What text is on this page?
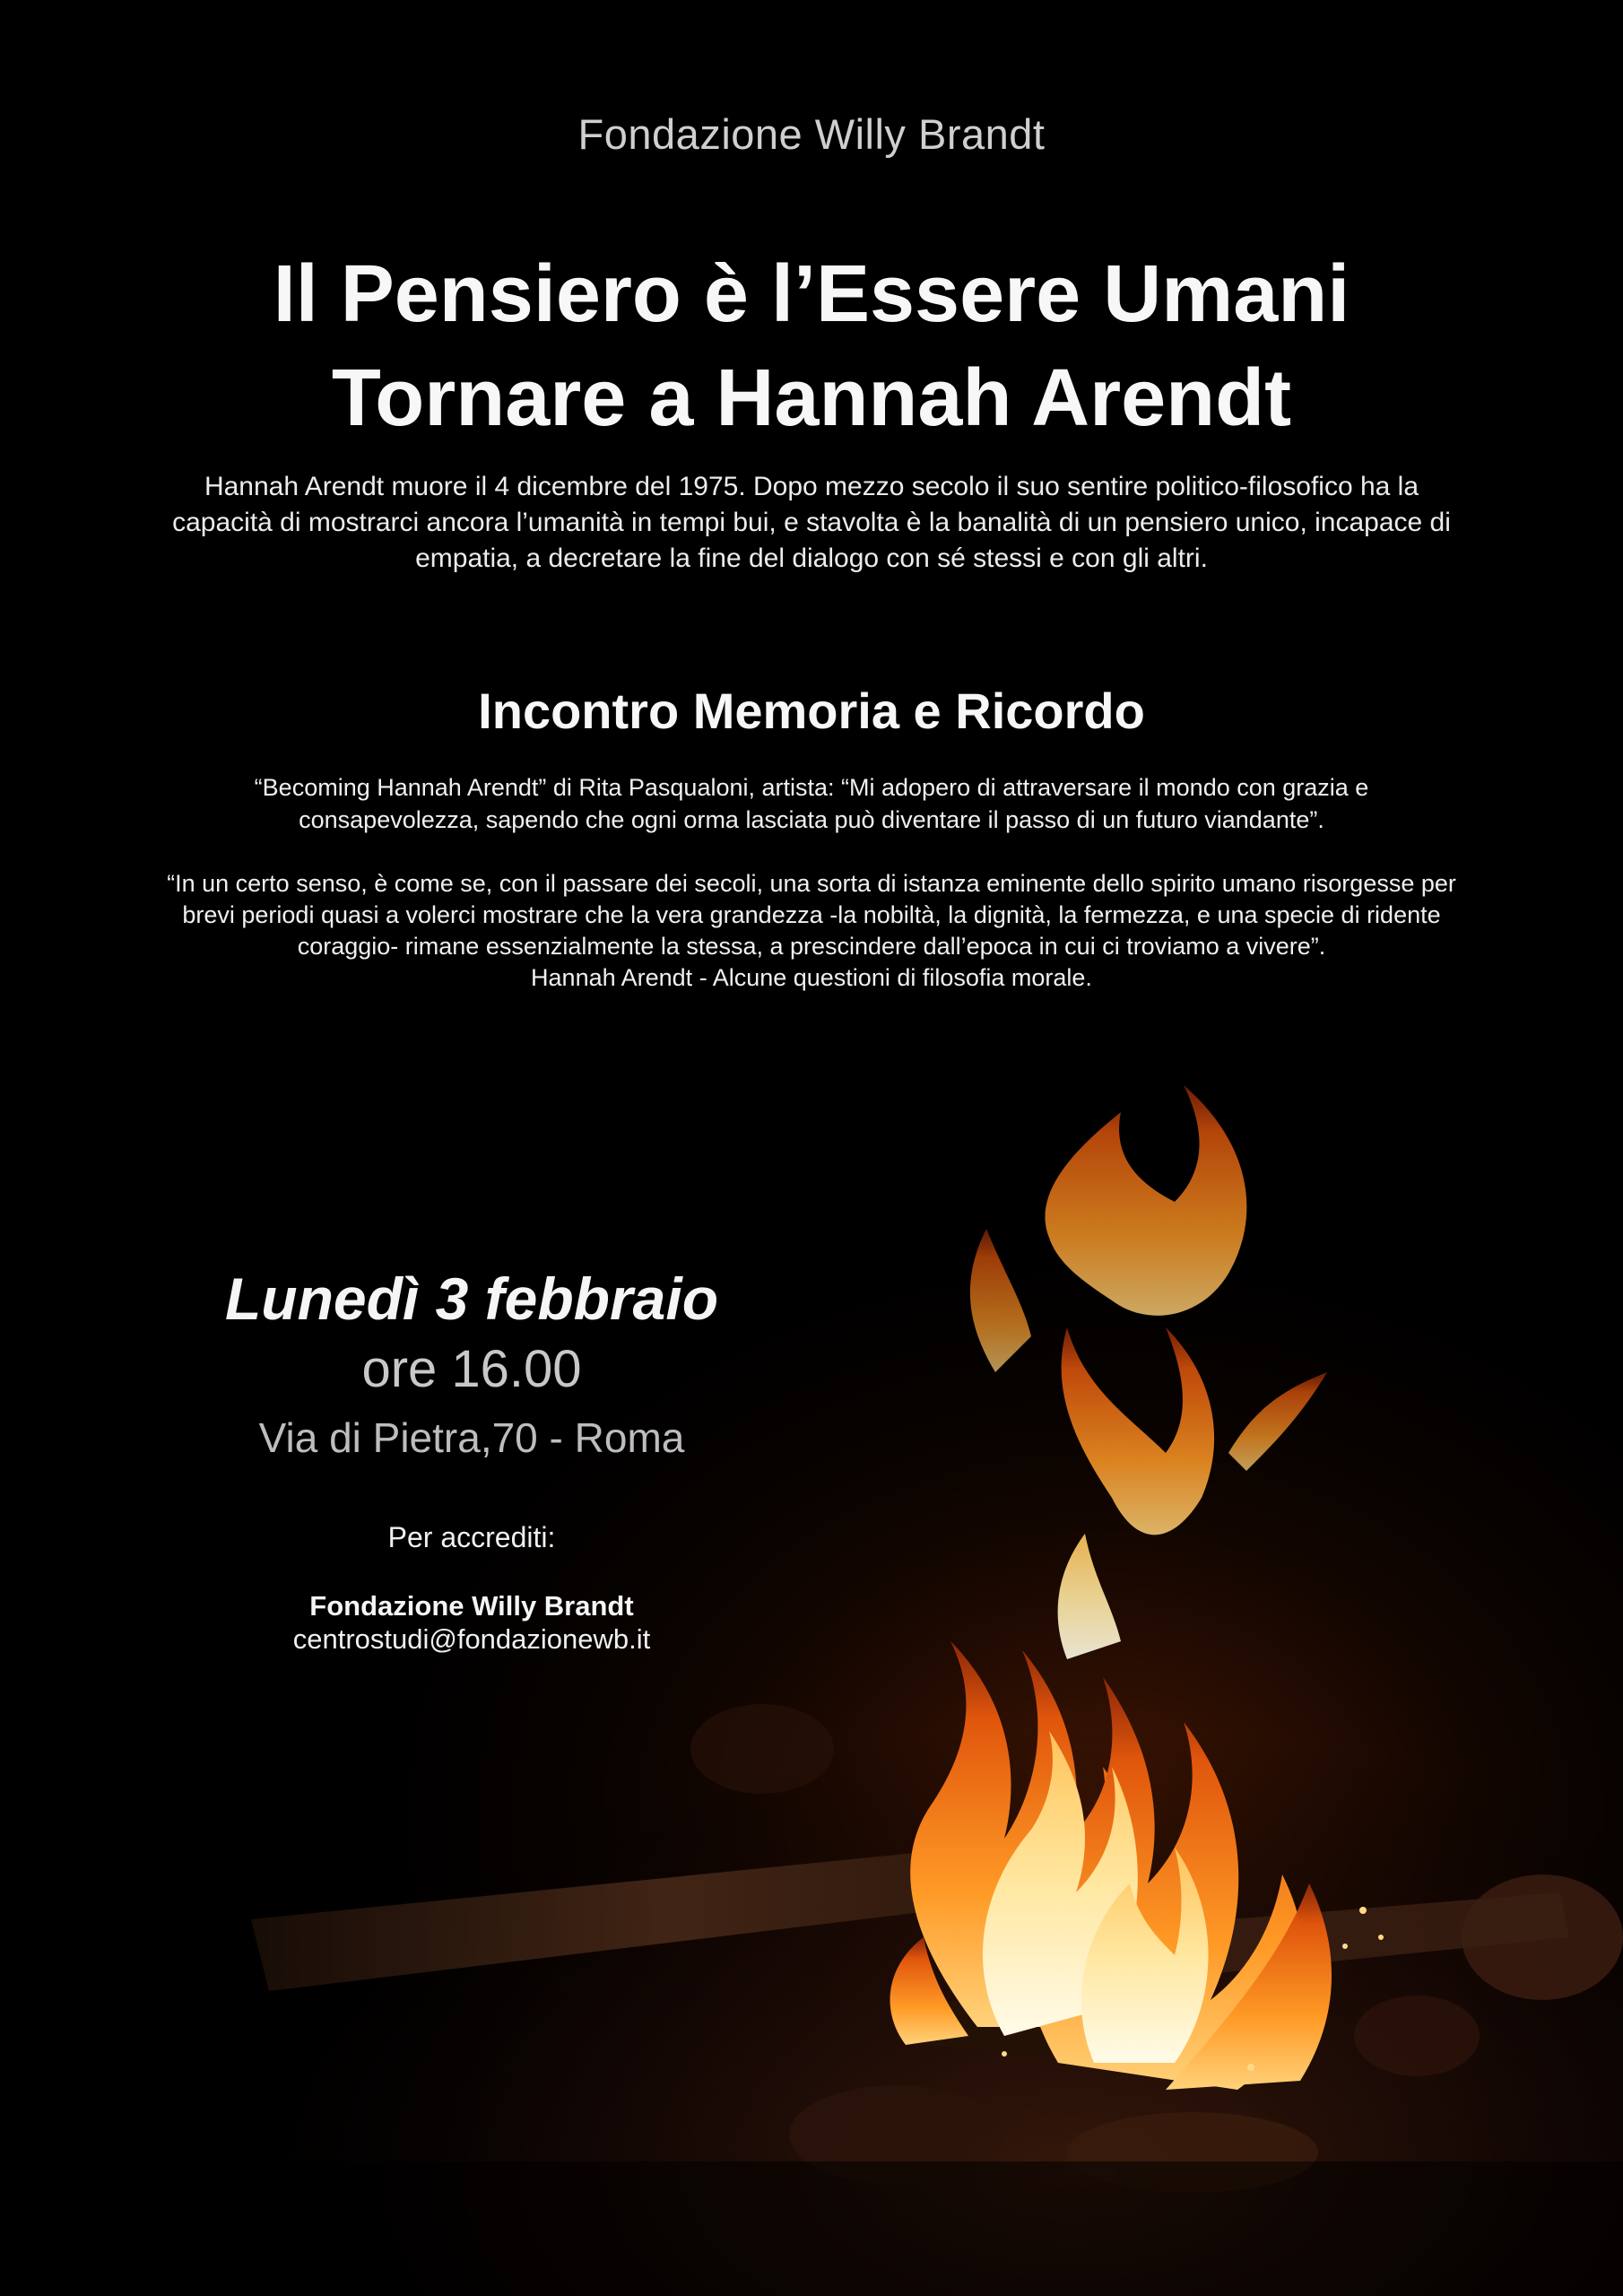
Fondazione Willy Brandt
Il Pensiero è l’Essere Umani
Tornare a Hannah Arendt

Hannah Arendt muore il 4 dicembre del 1975. Dopo mezzo secolo il suo sentire politico-filosofico ha la capacità di mostrarci ancora l’umanità in tempi bui, e stavolta è la banalità di un pensiero unico, incapace di empatia, a decretare la fine del dialogo con sé stessi e con gli altri.

Incontro Memoria e Ricordo

“Becoming Hannah Arendt” di Rita Pasqualoni, artista: “Mi adopero di attraversare il mondo con grazia e consapevolezza, sapendo che ogni orma lasciata può diventare il passo di un futuro viandante”.

“In un certo senso, è come se, con il passare dei secoli, una sorta di istanza eminente dello spirito umano risorgesse per brevi periodi quasi a volerci mostrare che la vera grandezza -la nobiltà, la dignità, la fermezza, e una specie di ridente coraggio- rimane essenzialmente la stessa, a prescindere dall’epoca in cui ci troviamo a vivere”.
Hannah Arendt - Alcune questioni di filosofia morale.
Lunedì 3 febbraio
ore 16.00
Via di Pietra,70 - Roma
Per accrediti:
Fondazione Willy Brandt
centrostudi@fondazionewb.it
